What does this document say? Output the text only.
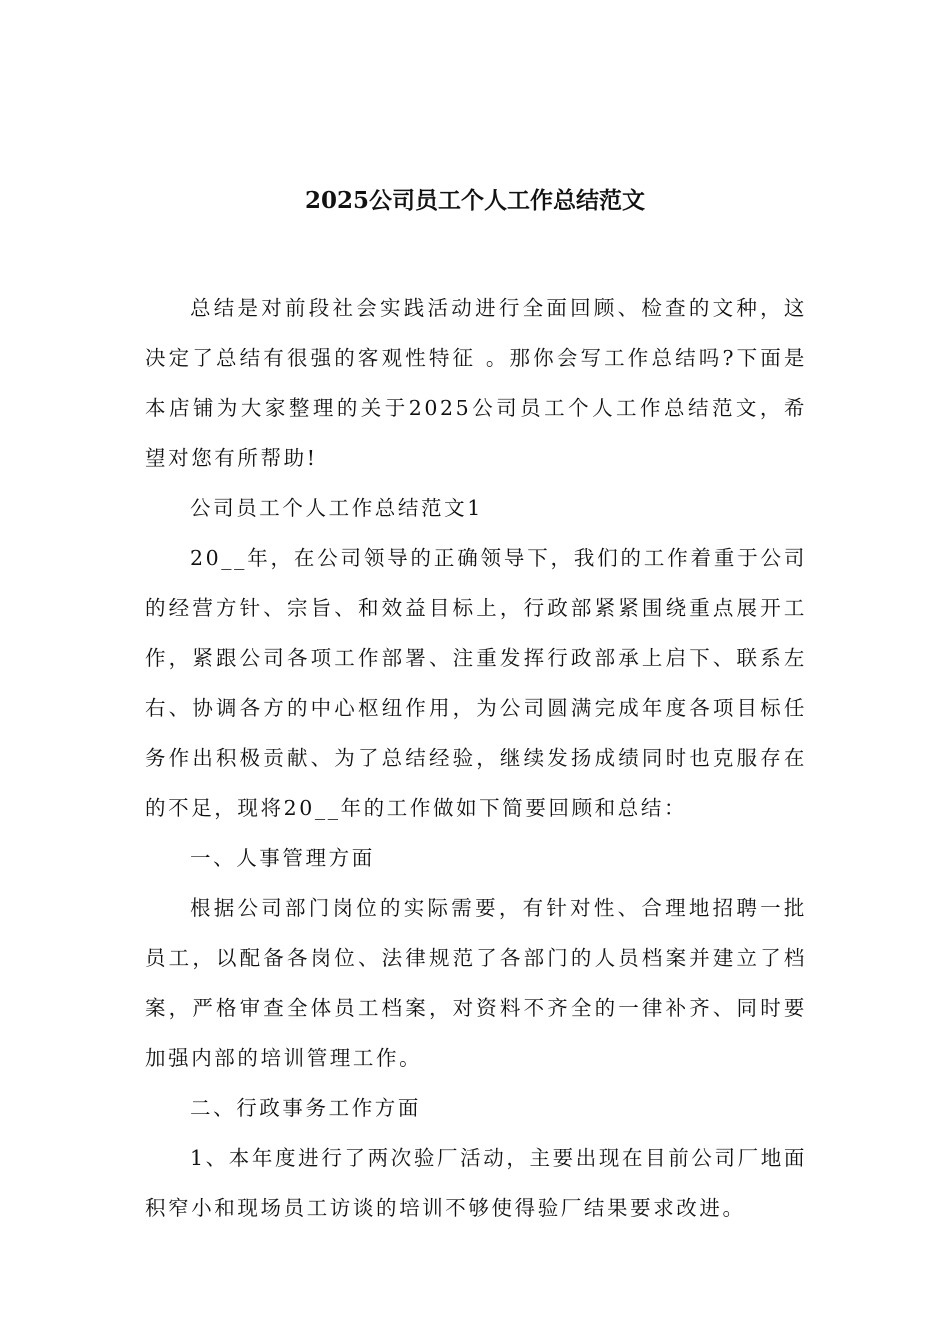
2025公司员工个人工作总结范文

总结是对前段社会实践活动进行全面回顾、检查的文种，这决定了总结有很强的客观性特征 。那你会写工作总结吗?下面是本店铺为大家整理的关于2025公司员工个人工作总结范文，希望对您有所帮助!

公司员工个人工作总结范文1

20__年，在公司领导的正确领导下，我们的工作着重于公司的经营方针、宗旨、和效益目标上，行政部紧紧围绕重点展开工作，紧跟公司各项工作部署、注重发挥行政部承上启下、联系左右、协调各方的中心枢纽作用，为公司圆满完成年度各项目标任务作出积极贡献、为了总结经验，继续发扬成绩同时也克服存在的不足，现将20__年的工作做如下简要回顾和总结：

一、人事管理方面

根据公司部门岗位的实际需要，有针对性、合理地招聘一批员工，以配备各岗位、法律规范了各部门的人员档案并建立了档案，严格审查全体员工档案，对资料不齐全的一律补齐、同时要加强内部的培训管理工作。

二、行政事务工作方面

1、本年度进行了两次验厂活动，主要出现在目前公司厂地面积窄小和现场员工访谈的培训不够使得验厂结果要求改进。
